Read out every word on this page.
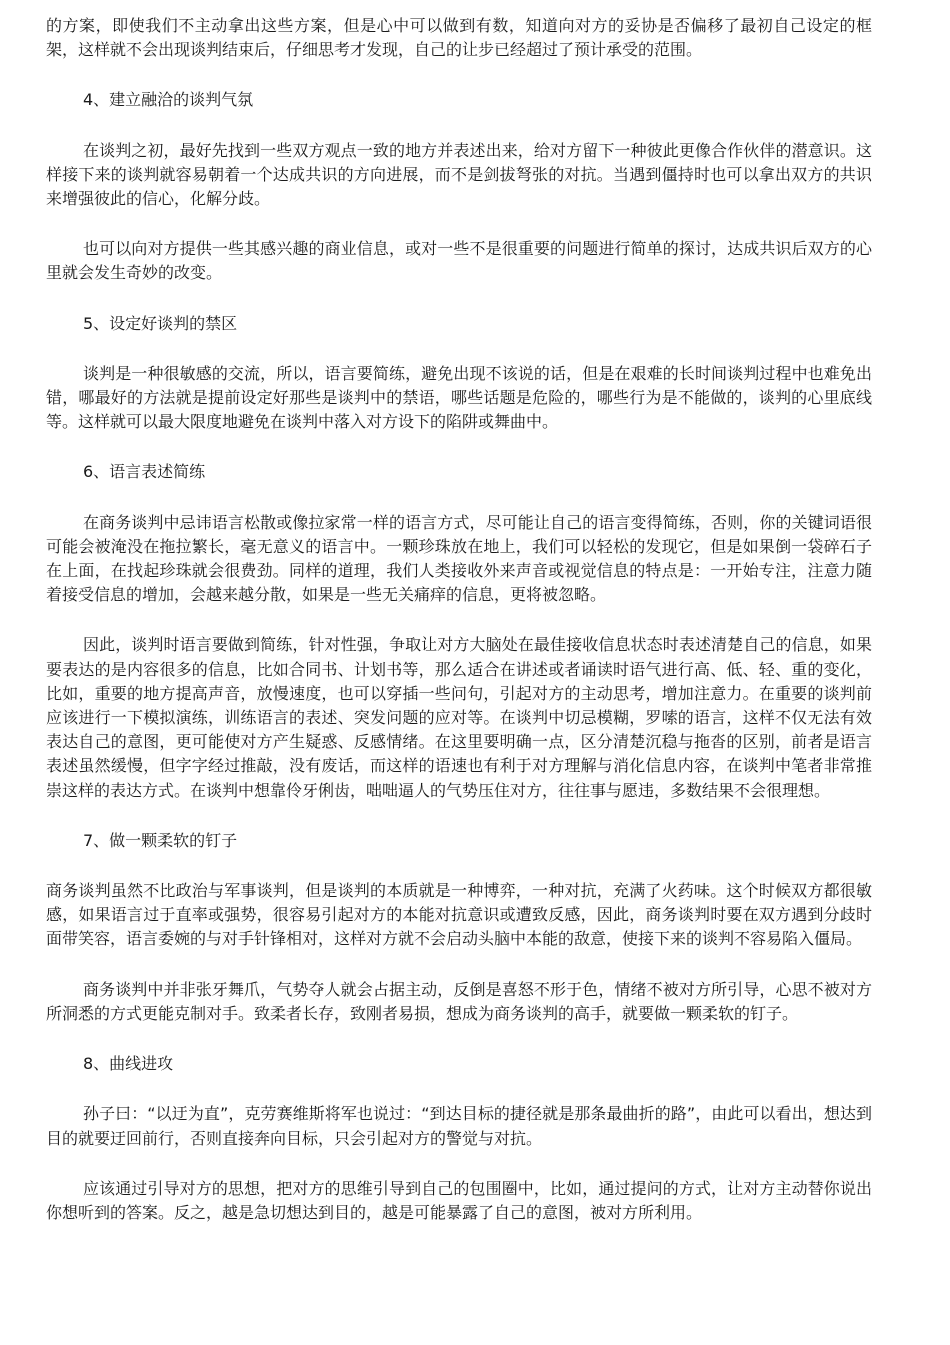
的方案，即使我们不主动拿出这些方案，但是心中可以做到有数，知道向对方的妥协是否偏移了最初自己设定的框架，这样就不会出现谈判结束后，仔细思考才发现，自己的让步已经超过了预计承受的范围。

4、建立融洽的谈判气氛

在谈判之初，最好先找到一些双方观点一致的地方并表述出来，给对方留下一种彼此更像合作伙伴的潜意识。这样接下来的谈判就容易朝着一个达成共识的方向进展，而不是剑拔弩张的对抗。当遇到僵持时也可以拿出双方的共识来增强彼此的信心，化解分歧。

也可以向对方提供一些其感兴趣的商业信息，或对一些不是很重要的问题进行简单的探讨，达成共识后双方的心里就会发生奇妙的改变。

5、设定好谈判的禁区

谈判是一种很敏感的交流，所以，语言要简练，避免出现不该说的话，但是在艰难的长时间谈判过程中也难免出错，哪最好的方法就是提前设定好那些是谈判中的禁语，哪些话题是危险的，哪些行为是不能做的，谈判的心里底线等。这样就可以最大限度地避免在谈判中落入对方设下的陷阱或舞曲中。

6、语言表述简练

在商务谈判中忌讳语言松散或像拉家常一样的语言方式，尽可能让自己的语言变得简练，否则，你的关键词语很可能会被淹没在拖拉繁长，毫无意义的语言中。一颗珍珠放在地上，我们可以轻松的发现它，但是如果倒一袋碎石子在上面，在找起珍珠就会很费劲。同样的道理，我们人类接收外来声音或视觉信息的特点是：一开始专注，注意力随着接受信息的增加，会越来越分散，如果是一些无关痛痒的信息，更将被忽略。

因此，谈判时语言要做到简练，针对性强，争取让对方大脑处在最佳接收信息状态时表述清楚自己的信息，如果要表达的是内容很多的信息，比如合同书、计划书等，那么适合在讲述或者诵读时语气进行高、低、轻、重的变化，比如，重要的地方提高声音，放慢速度，也可以穿插一些问句，引起对方的主动思考，增加注意力。在重要的谈判前应该进行一下模拟演练，训练语言的表述、突发问题的应对等。在谈判中切忌模糊，罗嗦的语言，这样不仅无法有效表达自己的意图，更可能使对方产生疑惑、反感情绪。在这里要明确一点，区分清楚沉稳与拖沓的区别，前者是语言表述虽然缓慢，但字字经过推敲，没有废话，而这样的语速也有利于对方理解与消化信息内容，在谈判中笔者非常推崇这样的表达方式。在谈判中想靠伶牙俐齿，咄咄逼人的气势压住对方，往往事与愿违，多数结果不会很理想。

7、做一颗柔软的钉子

商务谈判虽然不比政治与军事谈判，但是谈判的本质就是一种博弈，一种对抗，充满了火药味。这个时候双方都很敏感，如果语言过于直率或强势，很容易引起对方的本能对抗意识或遭致反感，因此，商务谈判时要在双方遇到分歧时面带笑容，语言委婉的与对手针锋相对，这样对方就不会启动头脑中本能的敌意，使接下来的谈判不容易陷入僵局。

商务谈判中并非张牙舞爪，气势夺人就会占据主动，反倒是喜怒不形于色，情绪不被对方所引导，心思不被对方所洞悉的方式更能克制对手。致柔者长存，致刚者易损，想成为商务谈判的高手，就要做一颗柔软的钉子。

8、曲线进攻

孙子曰：“以迂为直”，克劳赛维斯将军也说过：“到达目标的捷径就是那条最曲折的路”，由此可以看出，想达到目的就要迂回前行，否则直接奔向目标，只会引起对方的警觉与对抗。

应该通过引导对方的思想，把对方的思维引导到自己的包围圈中，比如，通过提问的方式，让对方主动替你说出你想听到的答案。反之，越是急切想达到目的，越是可能暴露了自己的意图，被对方所利用。
